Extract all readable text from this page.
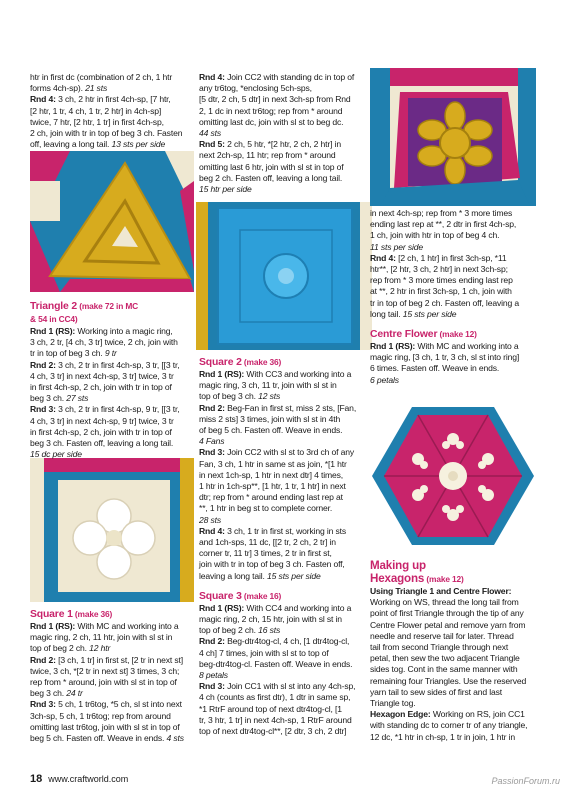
htr in first dc (combination of 2 ch, 1 htr

forms 4ch-sp). 21 sts

Rnd 4: 3 ch, 2 htr in first 4ch-sp, [7 htr,

[2 htr, 1 tr, 4 ch, 1 tr, 2 htr] in 4ch-sp]

twice, 7 htr, [2 htr, 1 tr] in first 4ch-sp,

2 ch, join with tr in top of beg 3 ch. Fasten

off, leaving a long tail. 13 sts per side

Triangle 2 (make 72 in MC

& 54 in CC4)

Rnd 1 (RS): Working into a magic ring,

3 ch, 2 tr, [4 ch, 3 tr] twice, 2 ch, join with

tr in top of beg 3 ch. 9 tr

Rnd 2: 3 ch, 2 tr in first 4ch-sp, 3 tr, [[3 tr,

4 ch, 3 tr] in next 4ch-sp, 3 tr] twice, 3 tr

in first 4ch-sp, 2 ch, join with tr in top of

beg 3 ch. 27 sts

Rnd 3: 3 ch, 2 tr in first 4ch-sp, 9 tr, [[3 tr,

4 ch, 3 tr] in next 4ch-sp, 9 tr] twice, 3 tr

in first 4ch-sp, 2 ch, join with tr in top of

beg 3 ch. Fasten off, leaving a long tail.

15 dc per side

Square 1 (make 36)

Rnd 1 (RS): With MC and working into a

magic ring, 2 ch, 11 htr, join with sl st in

top of beg 2 ch. 12 htr

Rnd 2: [3 ch, 1 tr] in first st, [2 tr in next st]

twice, 3 ch, *[2 tr in next st] 3 times, 3 ch;

rep from * around, join with sl st in top of

beg 3 ch. 24 tr

Rnd 3: 5 ch, 1 tr6tog, *5 ch, sl st into next

3ch-sp, 5 ch, 1 tr6tog; rep from around

omitting last tr6tog, join with sl st in top of

beg 5 ch. Fasten off. Weave in ends. 4 sts

Rnd 4: Join CC2 with standing dc in top of

any tr6tog, *enclosing 5ch-sps,

[5 dtr, 2 ch, 5 dtr] in next 3ch-sp from Rnd

2, 1 dc in next tr6tog; rep from * around

omitting last dc, join with sl st to beg dc.

44 sts

Rnd 5: 2 ch, 5 htr, *[2 htr, 2 ch, 2 htr] in

next 2ch-sp, 11 htr; rep from * around

omitting last 6 htr, join with sl st in top of

beg 2 ch. Fasten off, leaving a long tail.

15 htr per side

Square 2 (make 36)

Rnd 1 (RS): With CC3 and working into a

magic ring, 3 ch, 11 tr, join with sl st in

top of beg 3 ch. 12 sts

Rnd 2: Beg-Fan in first st, miss 2 sts, [Fan,

miss 2 sts] 3 times, join with sl st in 4th

of beg 5 ch. Fasten off. Weave in ends.

4 Fans

Rnd 3: Join CC2 with sl st to 3rd ch of any

Fan, 3 ch, 1 htr in same st as join, *[1 htr

in next 1ch-sp, 1 htr in next dtr] 4 times,

1 htr in 1ch-sp**, [1 htr, 1 tr, 1 htr] in next

dtr; rep from * around ending last rep at

**, 1 htr in beg st to complete corner.

28 sts

Rnd 4: 3 ch, 1 tr in first st, working in sts

and 1ch-sps, 11 dc, [[2 tr, 2 ch, 2 tr] in

corner tr, 11 tr] 3 times, 2 tr in first st,

join with tr in top of beg 3 ch. Fasten off,

leaving a long tail. 15 sts per side

Square 3 (make 16)

Rnd 1 (RS): With CC4 and working into a

magic ring, 2 ch, 15 htr, join with sl st in

top of beg 2 ch. 16 sts

Rnd 2: Beg-dtr4tog-cl, 4 ch, [1 dtr4tog-cl,

4 ch] 7 times, join with sl st to top of

beg-dtr4tog-cl. Fasten off. Weave in ends.

8 petals

Rnd 3: Join CC1 with sl st into any 4ch-sp,

4 ch (counts as first dtr), 1 dtr in same sp,

*1 RtrF around top of next dtr4tog-cl, [1

tr, 3 htr, 1 tr] in next 4ch-sp, 1 RtrF around

top of next dtr4tog-cl**, [2 dtr, 3 ch, 2 dtr]

in next 4ch-sp; rep from * 3 more times

ending last rep at **, 2 dtr in first 4ch-sp,

1 ch, join with htr in top of beg 4 ch.

11 sts per side

Rnd 4: [2 ch, 1 htr] in first 3ch-sp, *11

htr**, [2 htr, 3 ch, 2 htr] in next 3ch-sp;

rep from * 3 more times ending last rep

at **, 2 htr in first 3ch-sp, 1 ch, join with

tr in top of beg 2 ch. Fasten off, leaving a

long tail. 15 sts per side

Centre Flower (make 12)

Rnd 1 (RS): With MC and working into a

magic ring, [3 ch, 1 tr, 3 ch, sl st into ring]

6 times. Fasten off. Weave in ends.

6 petals

Making up

Hexagons (make 12)

Using Triangle 1 and Centre Flower:

Working on WS, thread the long tail from

point of first Triangle through the tip of any

Centre Flower petal and remove yarn from

needle and reserve tail for later. Thread

tail from second Triangle through next

petal, then sew the two adjacent Triangle

sides tog. Cont in the same manner with

remaining four Triangles. Use the reserved

yarn tail to sew sides of first and last

Triangle tog.

Hexagon Edge: Working on RS, join CC1

with standing dc to corner tr of any triangle,

12 dc, *1 htr in ch-sp, 1 tr in join, 1 htr in

18 www.craftworld.com	PassionForum.ru
